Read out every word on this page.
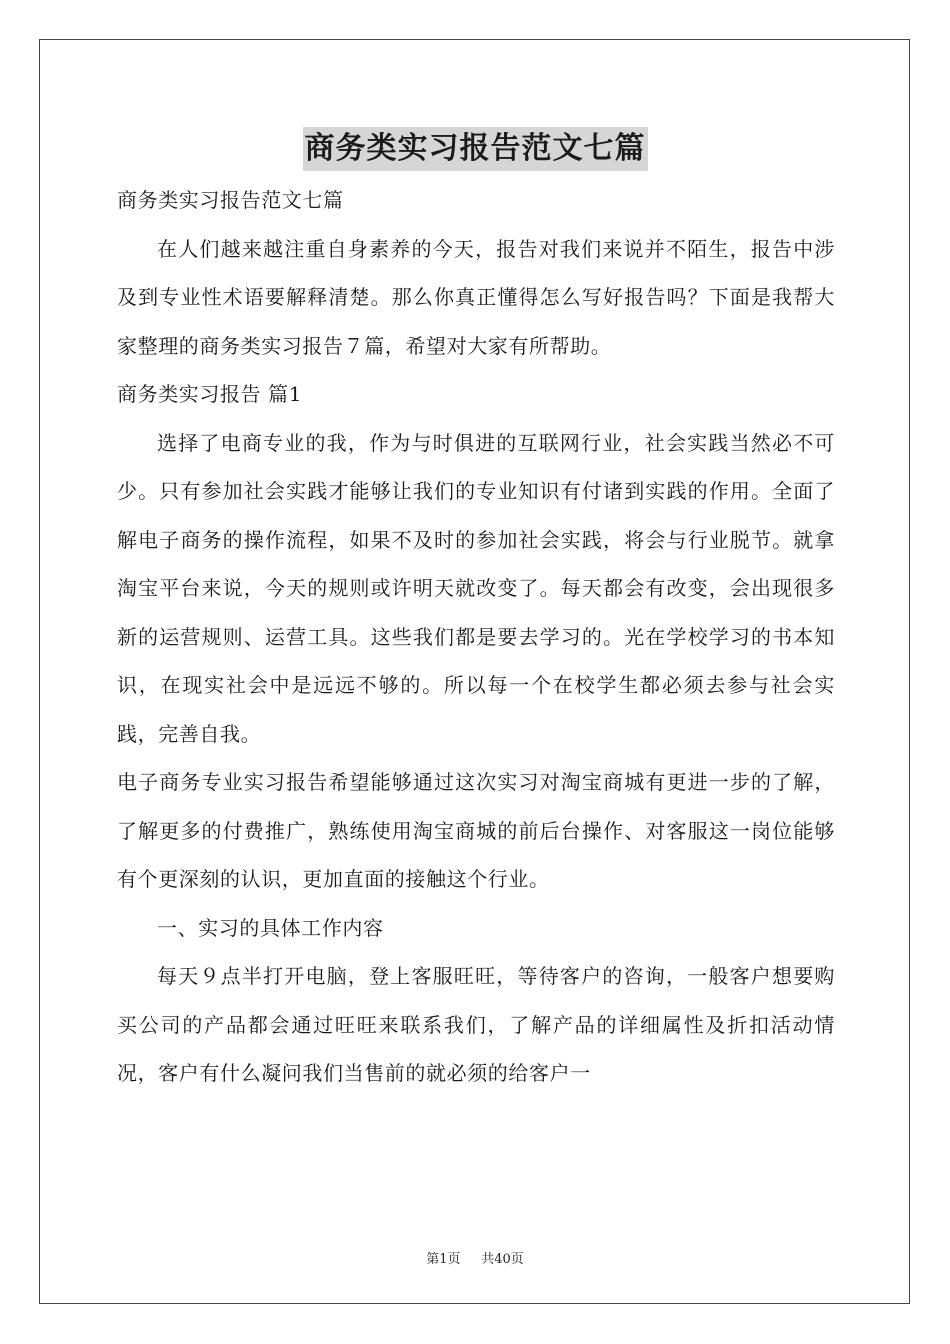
商务类实习报告范文七篇

商务类实习报告范文七篇

在人们越来越注重自身素养的今天，报告对我们来说并不陌生，报告中涉及到专业性术语要解释清楚。那么你真正懂得怎么写好报告吗？下面是我帮大家整理的商务类实习报告７篇，希望对大家有所帮助。

商务类实习报告 篇1

选择了电商专业的我，作为与时俱进的互联网行业，社会实践当然必不可少。只有参加社会实践才能够让我们的专业知识有付诸到实践的作用。全面了解电子商务的操作流程，如果不及时的参加社会实践，将会与行业脱节。就拿淘宝平台来说，今天的规则或许明天就改变了。每天都会有改变，会出现很多新的运营规则、运营工具。这些我们都是要去学习的。光在学校学习的书本知识，在现实社会中是远远不够的。所以每一个在校学生都必须去参与社会实践，完善自我。

电子商务专业实习报告希望能够通过这次实习对淘宝商城有更进一步的了解，了解更多的付费推广，熟练使用淘宝商城的前后台操作、对客服这一岗位能够有个更深刻的认识，更加直面的接触这个行业。

一、实习的具体工作内容

每天９点半打开电脑，登上客服旺旺，等待客户的咨询，一般客户想要购买公司的产品都会通过旺旺来联系我们，了解产品的详细属性及折扣活动情况，客户有什么凝问我们当售前的就必须的给客户一

第1页 共40页
